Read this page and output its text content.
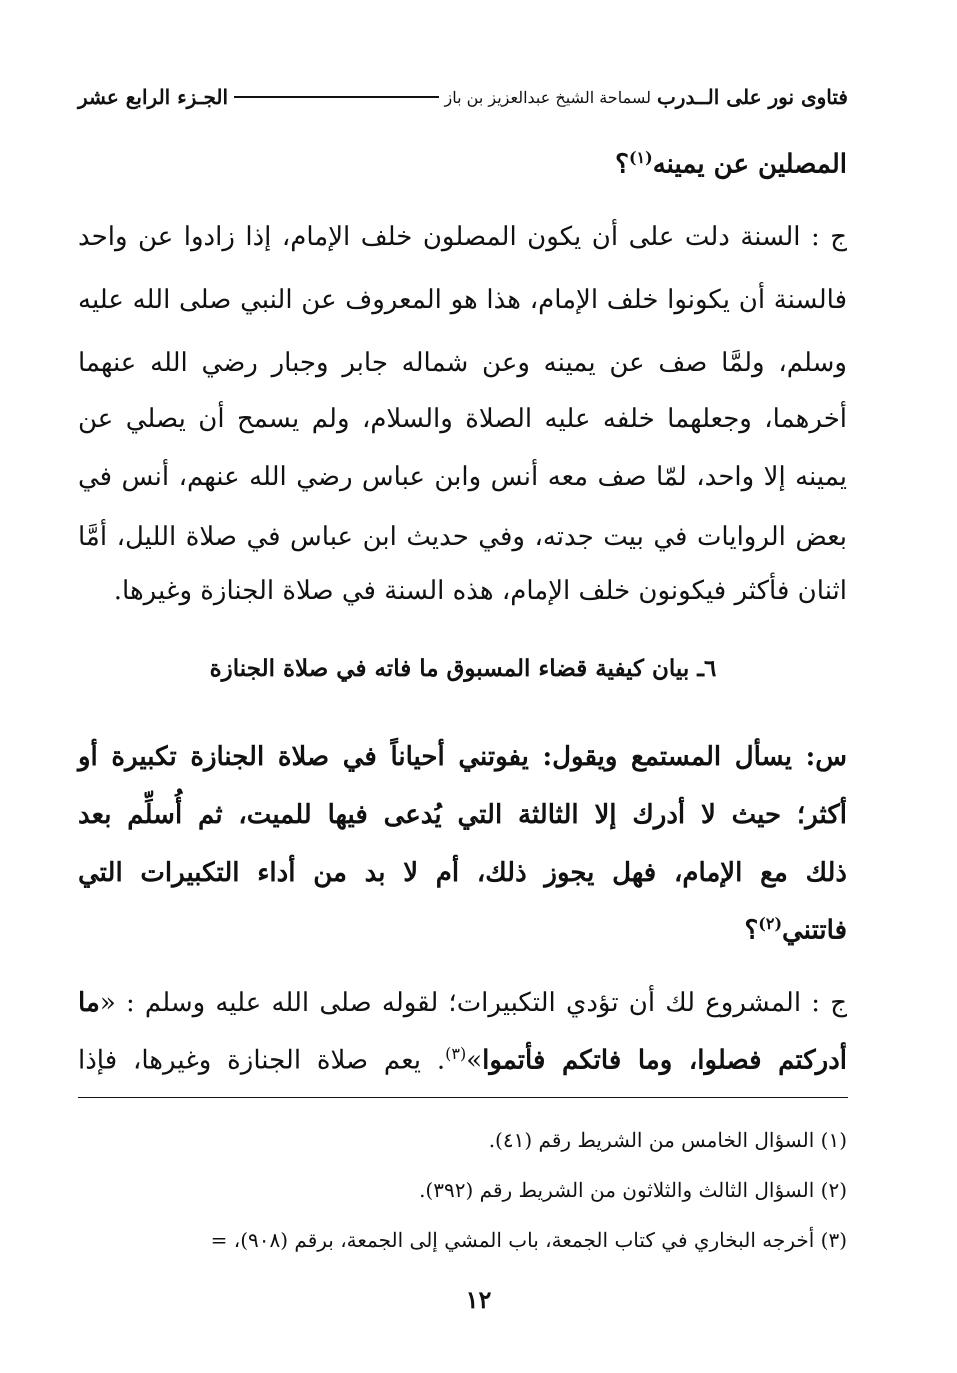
فتاوى نور على الــدرب
لسماحة الشيخ عبدالعزيز بن باز
الجـزء الرابع عشر
المصلين عن يمينه$^{(١)}$؟
ج : السنة دلت على أن يكون المصلون خلف الإمام، إذا زادوا عن واحد
فالسنة أن يكونوا خلف الإمام، هذا هو المعروف عن النبي صلى الله عليه
وسلم، ولمَّا صف عن يمينه وعن شماله جابر وجبار رضي الله عنهما
أخرهما، وجعلهما خلفه عليه الصلاة والسلام، ولم يسمح أن يصلي عن
يمينه إلا واحد، لمّا صف معه أنس وابن عباس رضي الله عنهم، أنس في
بعض الروايات في بيت جدته، وفي حديث ابن عباس في صلاة الليل، أمَّا
اثنان فأكثر فيكونون خلف الإمام، هذه السنة في صلاة الجنازة وغيرها.
٦ـ بيان كيفية قضاء المسبوق ما فاته في صلاة الجنازة
س: يسأل المستمع ويقول: يفوتني أحياناً في صلاة الجنازة تكبيرة أو
أكثر؛ حيث لا أدرك إلا الثالثة التي يُدعى فيها للميت، ثم أُسلِّم بعد
ذلك مع الإمام، فهل يجوز ذلك، أم لا بد من أداء التكبيرات التي
فاتتني$^{(٢)}$؟
ج : المشروع لك أن تؤدي التكبيرات؛ لقوله صلى الله عليه وسلم : «ما
أدركتم فصلوا، وما فاتكم فأتموا»$^{(٣)}$. يعم صلاة الجنازة وغيرها، فإذا
(١) السؤال الخامس من الشريط رقم (٤١).
(٢) السؤال الثالث والثلاثون من الشريط رقم (٣٩٢).
(٣) أخرجه البخاري في كتاب الجمعة، باب المشي إلى الجمعة، برقم (٩٠٨)، =
١٢
